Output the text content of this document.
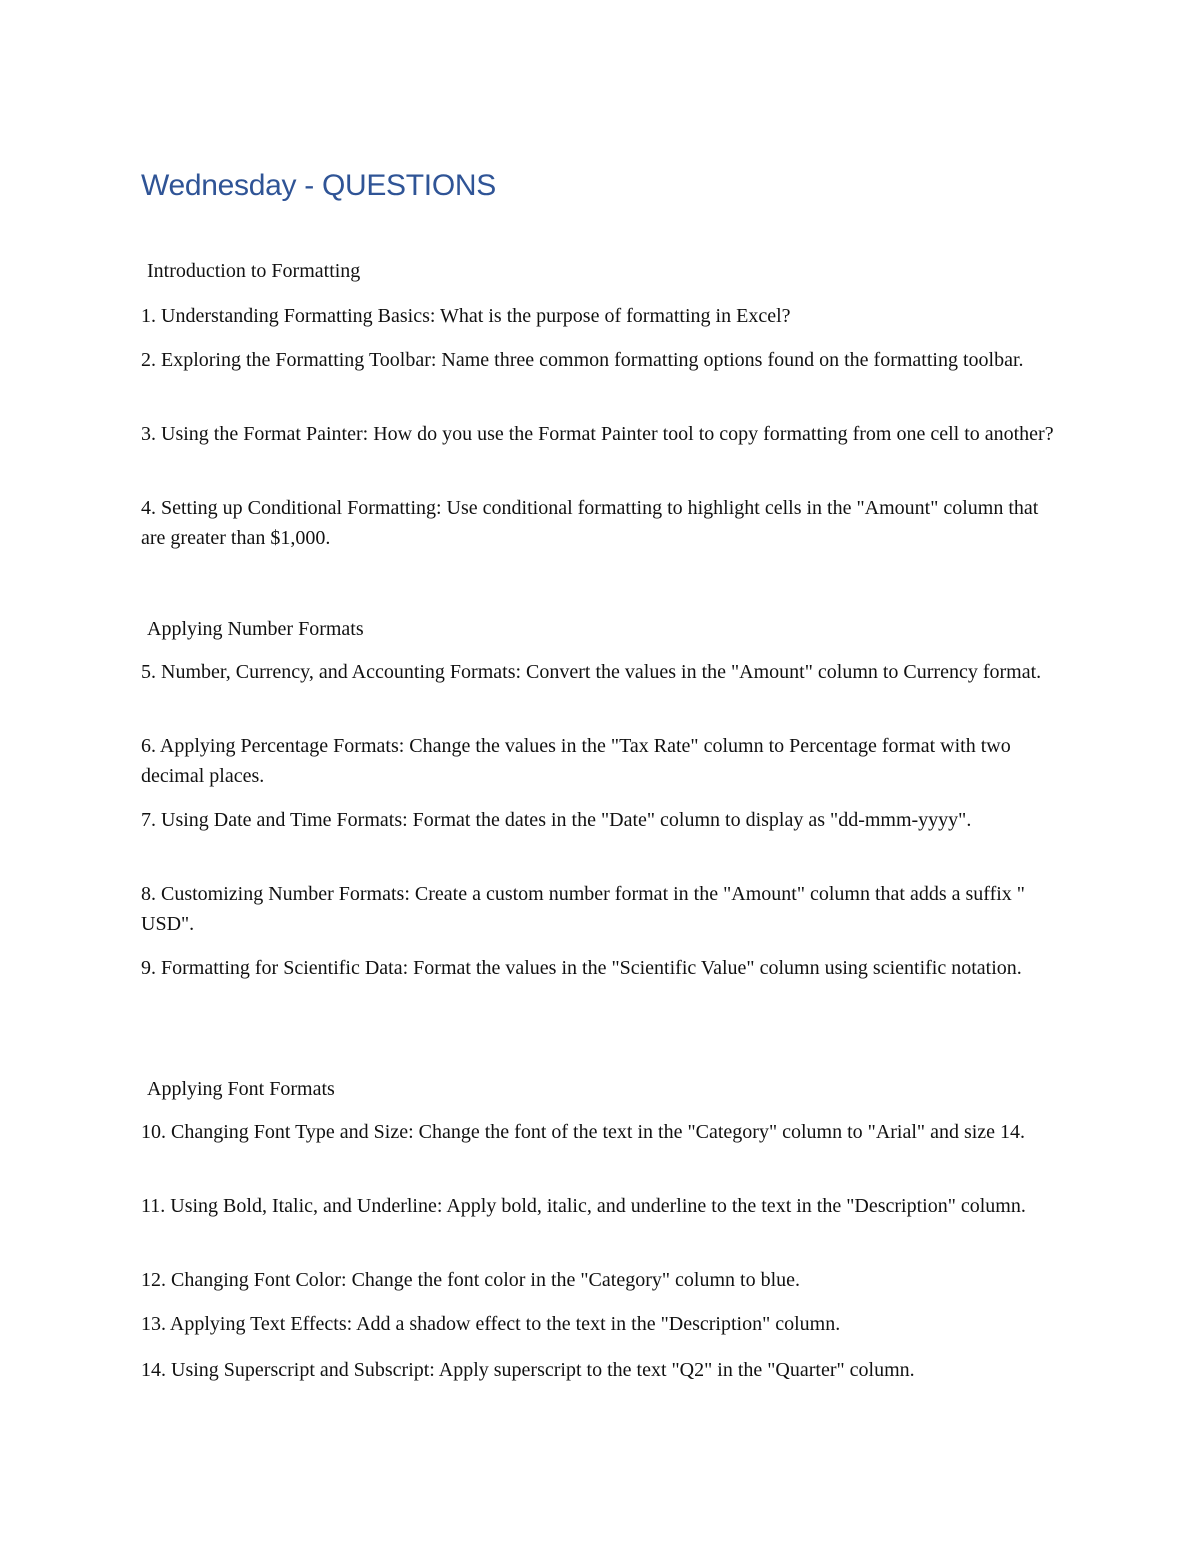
Wednesday - QUESTIONS

Introduction to Formatting

1. Understanding Formatting Basics: What is the purpose of formatting in Excel?

2. Exploring the Formatting Toolbar: Name three common formatting options found on the formatting toolbar.

3. Using the Format Painter: How do you use the Format Painter tool to copy formatting from one cell to another?

4. Setting up Conditional Formatting: Use conditional formatting to highlight cells in the "Amount" column that are greater than $1,000.

Applying Number Formats

5. Number, Currency, and Accounting Formats: Convert the values in the "Amount" column to Currency format.

6. Applying Percentage Formats: Change the values in the "Tax Rate" column to Percentage format with two decimal places.

7. Using Date and Time Formats: Format the dates in the "Date" column to display as "dd-mmm-yyyy".

8. Customizing Number Formats: Create a custom number format in the "Amount" column that adds a suffix " USD".

9. Formatting for Scientific Data: Format the values in the "Scientific Value" column using scientific notation.

Applying Font Formats

10. Changing Font Type and Size: Change the font of the text in the "Category" column to "Arial" and size 14.

11. Using Bold, Italic, and Underline: Apply bold, italic, and underline to the text in the "Description" column.

12. Changing Font Color: Change the font color in the "Category" column to blue.

13. Applying Text Effects: Add a shadow effect to the text in the "Description" column.

14. Using Superscript and Subscript: Apply superscript to the text "Q2" in the "Quarter" column.
